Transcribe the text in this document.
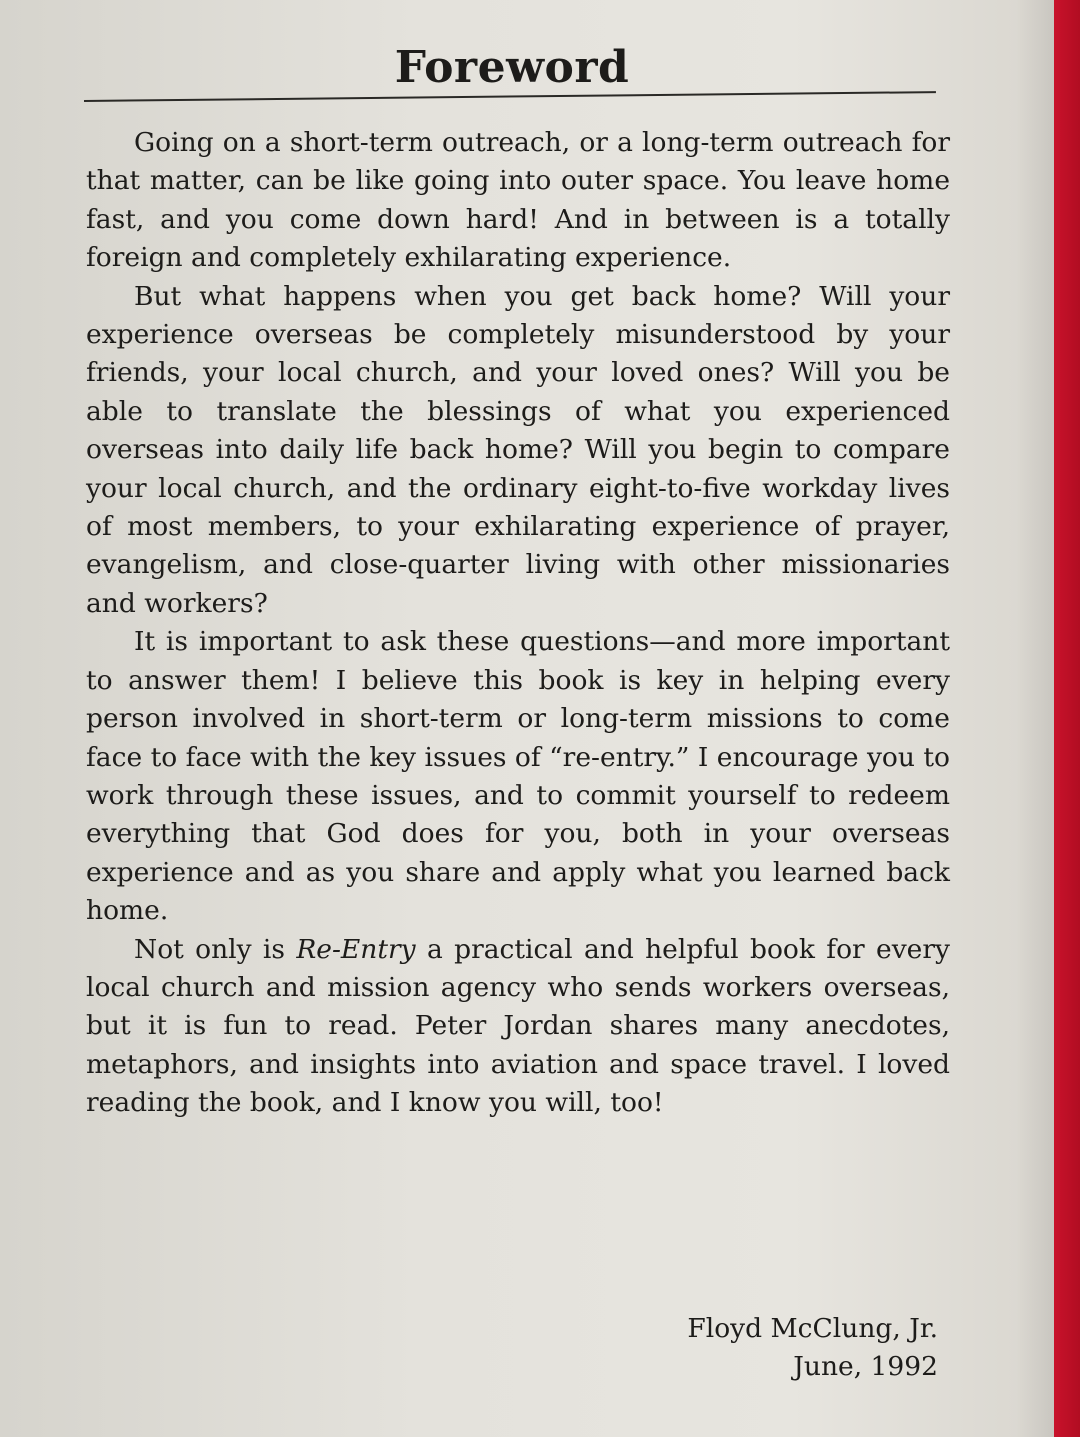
Foreword

Going on a short-term outreach, or a long-term outreach for that matter, can be like going into outer space. You leave home fast, and you come down hard! And in between is a totally foreign and completely exhilarating experience.

But what happens when you get back home? Will your experience overseas be completely misunderstood by your friends, your local church, and your loved ones? Will you be able to translate the blessings of what you experienced overseas into daily life back home? Will you begin to compare your local church, and the ordinary eight-to-five workday lives of most members, to your exhilarating experience of prayer, evangelism, and close-quarter living with other missionaries and workers?

It is important to ask these questions—and more important to answer them! I believe this book is key in helping every person involved in short-term or long-term missions to come face to face with the key issues of “re-entry.” I encourage you to work through these issues, and to commit yourself to redeem everything that God does for you, both in your overseas experience and as you share and apply what you learned back home.

Not only is Re-Entry a practical and helpful book for every local church and mission agency who sends workers overseas, but it is fun to read. Peter Jordan shares many anecdotes, metaphors, and insights into aviation and space travel. I loved reading the book, and I know you will, too!

Floyd McClung, Jr.
June, 1992
